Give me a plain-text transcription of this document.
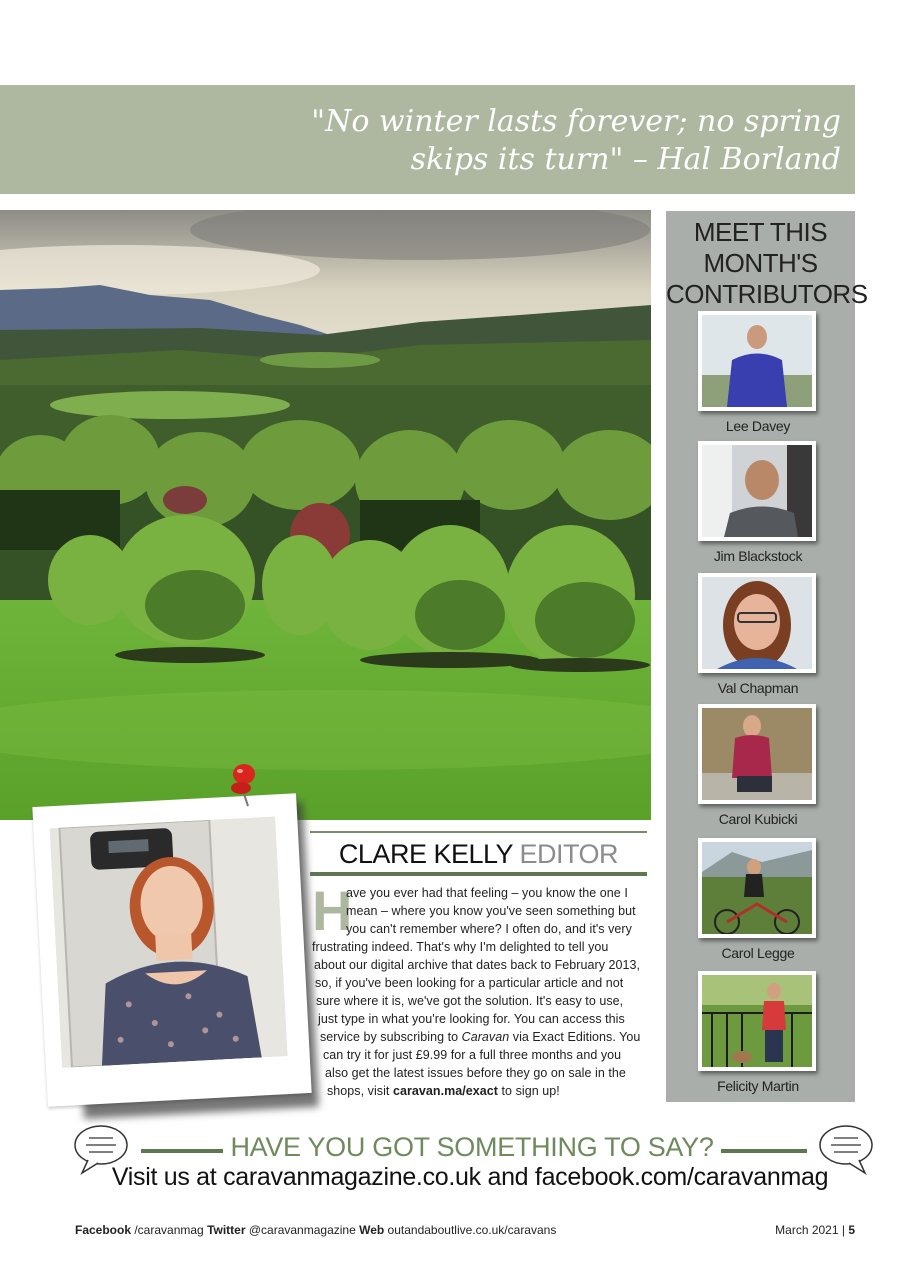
"No winter lasts forever; no spring
skips its turn" – Hal Borland
MEET THIS
MONTH'S
CONTRIBUTORS
Lee Davey
Jim Blackstock
Val Chapman
Carol Kubicki
Carol Legge
Felicity Martin
CLARE KELLY EDITOR
H
ave you ever had that feeling – you know the one I
mean – where you know you've seen something but
you can't remember where? I often do, and it's very
frustrating indeed. That's why I'm delighted to tell you
about our digital archive that dates back to February 2013,
so, if you've been looking for a particular article and not
sure where it is, we've got the solution. It's easy to use,
just type in what you're looking for. You can access this
service by subscribing to Caravan via Exact Editions. You
can try it for just £9.99 for a full three months and you
also get the latest issues before they go on sale in the
shops, visit caravan.ma/exact to sign up!
HAVE YOU GOT SOMETHING TO SAY?
Visit us at caravanmagazine.co.uk and facebook.com/caravanmag
Facebook /caravanmag Twitter @caravanmagazine Web outandaboutlive.co.uk/caravans	March 2021 | 5
